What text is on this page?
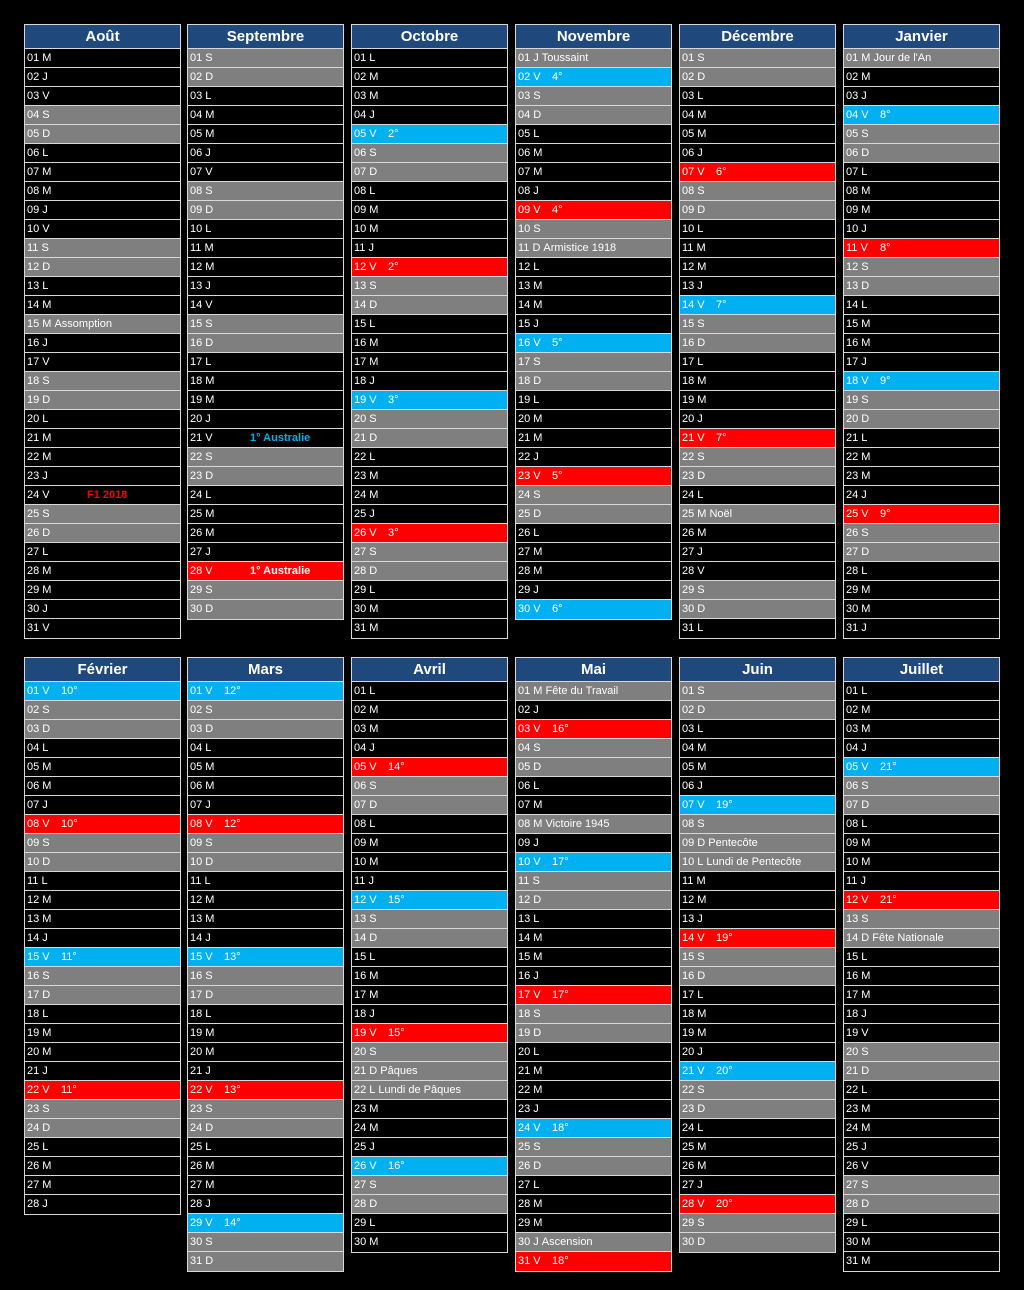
Août
01 M
02 J
03 V
04 S
05 D
06 L
07 M
08 M
09 J
10 V
11 S
12 D
13 L
14 M
15 M Assomption
16 J
17 V
18 S
19 D
20 L
21 M
22 M
23 J
24 V	F1 2018
25 S
26 D
27 L
28 M
29 M
30 J
31 V
Septembre
01 S
02 D
03 L
04 M
05 M
06 J
07 V
08 S
09 D
10 L
11 M
12 M
13 J
14 V
15 S
16 D
17 L
18 M
19 M
20 J
21 V	1° Australie
22 S
23 D
24 L
25 M
26 M
27 J
28 V	1° Australie
29 S
30 D
Octobre
01 L
02 M
03 M
04 J
05 V 2°
06 S
07 D
08 L
09 M
10 M
11 J
12 V 2°
13 S
14 D
15 L
16 M
17 M
18 J
19 V 3°
20 S
21 D
22 L
23 M
24 M
25 J
26 V 3°
27 S
28 D
29 L
30 M
31 M
Novembre
01 J Toussaint
02 V 4°
03 S
04 D
05 L
06 M
07 M
08 J
09 V 4°
10 S
11 D Armistice 1918
12 L
13 M
14 M
15 J
16 V 5°
17 S
18 D
19 L
20 M
21 M
22 J
23 V 5°
24 S
25 D
26 L
27 M
28 M
29 J
30 V 6°
Décembre
01 S
02 D
03 L
04 M
05 M
06 J
07 V 6°
08 S
09 D
10 L
11 M
12 M
13 J
14 V 7°
15 S
16 D
17 L
18 M
19 M
20 J
21 V 7°
22 S
23 D
24 L
25 M Noël
26 M
27 J
28 V
29 S
30 D
31 L
Janvier
01 M Jour de l'An
02 M
03 J
04 V 8°
05 S
06 D
07 L
08 M
09 M
10 J
11 V 8°
12 S
13 D
14 L
15 M
16 M
17 J
18 V 9°
19 S
20 D
21 L
22 M
23 M
24 J
25 V 9°
26 S
27 D
28 L
29 M
30 M
31 J
Février
01 V 10°
02 S
03 D
04 L
05 M
06 M
07 J
08 V 10°
09 S
10 D
11 L
12 M
13 M
14 J
15 V 11°
16 S
17 D
18 L
19 M
20 M
21 J
22 V 11°
23 S
24 D
25 L
26 M
27 M
28 J
Mars
01 V 12°
02 S
03 D
04 L
05 M
06 M
07 J
08 V 12°
09 S
10 D
11 L
12 M
13 M
14 J
15 V 13°
16 S
17 D
18 L
19 M
20 M
21 J
22 V 13°
23 S
24 D
25 L
26 M
27 M
28 J
29 V 14°
30 S
31 D
Avril
01 L
02 M
03 M
04 J
05 V 14°
06 S
07 D
08 L
09 M
10 M
11 J
12 V 15°
13 S
14 D
15 L
16 M
17 M
18 J
19 V 15°
20 S
21 D Pâques
22 L Lundi de Pâques
23 M
24 M
25 J
26 V 16°
27 S
28 D
29 L
30 M
Mai
01 M Fête du Travail
02 J
03 V 16°
04 S
05 D
06 L
07 M
08 M Victoire 1945
09 J
10 V 17°
11 S
12 D
13 L
14 M
15 M
16 J
17 V 17°
18 S
19 D
20 L
21 M
22 M
23 J
24 V 18°
25 S
26 D
27 L
28 M
29 M
30 J Ascension
31 V 18°
Juin
01 S
02 D
03 L
04 M
05 M
06 J
07 V 19°
08 S
09 D Pentecôte
10 L Lundi de Pentecôte
11 M
12 M
13 J
14 V 19°
15 S
16 D
17 L
18 M
19 M
20 J
21 V 20°
22 S
23 D
24 L
25 M
26 M
27 J
28 V 20°
29 S
30 D
Juillet
01 L
02 M
03 M
04 J
05 V 21°
06 S
07 D
08 L
09 M
10 M
11 J
12 V 21°
13 S
14 D Fête Nationale
15 L
16 M
17 M
18 J
19 V
20 S
21 D
22 L
23 M
24 M
25 J
26 V
27 S
28 D
29 L
30 M
31 M
